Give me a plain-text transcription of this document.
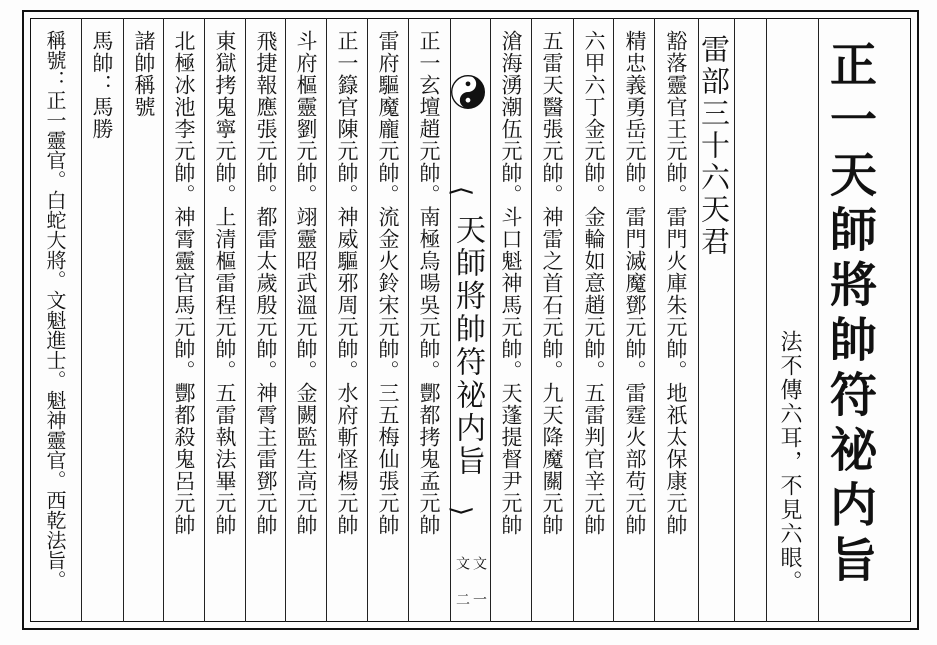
正一天師將帥符祕内旨
法不傳六耳，不見六眼。
雷部三十六天君
豁落靈官王元帥。雷門火庫朱元帥。地祇太保康元帥
精忠義勇岳元帥。雷門滅魔鄧元帥。雷霆火部苟元帥
六甲六丁金元帥。金輪如意趙元帥。五雷判官辛元帥
五雷天醫張元帥。神雷之首石元帥。九天降魔關元帥
滄海湧潮伍元帥。斗口魁神馬元帥。天蓬提督尹元帥
⟨
天師將帥符祕内旨
⟩
文
文
一
二
正一玄壇趙元帥。南極烏暘吳元帥。酆都拷鬼孟元帥
雷府驅魔龐元帥。流金火鈴宋元帥。三五梅仙張元帥
正一籙官陳元帥。神威驅邪周元帥。水府斬怪楊元帥
斗府樞靈劉元帥。翊靈昭武溫元帥。金闕監生高元帥
飛捷報應張元帥。都雷太歲殷元帥。神霄主雷鄧元帥
東獄拷鬼寧元帥。上清樞雷程元帥。五雷執法畢元帥
北極冰池李元帥。神霄靈官馬元帥。酆都殺鬼呂元帥
諸帥稱號
馬帥：馬勝
稱號：正一靈官。白蛇大將。文魁進士。魁神靈官。西乾法旨。
